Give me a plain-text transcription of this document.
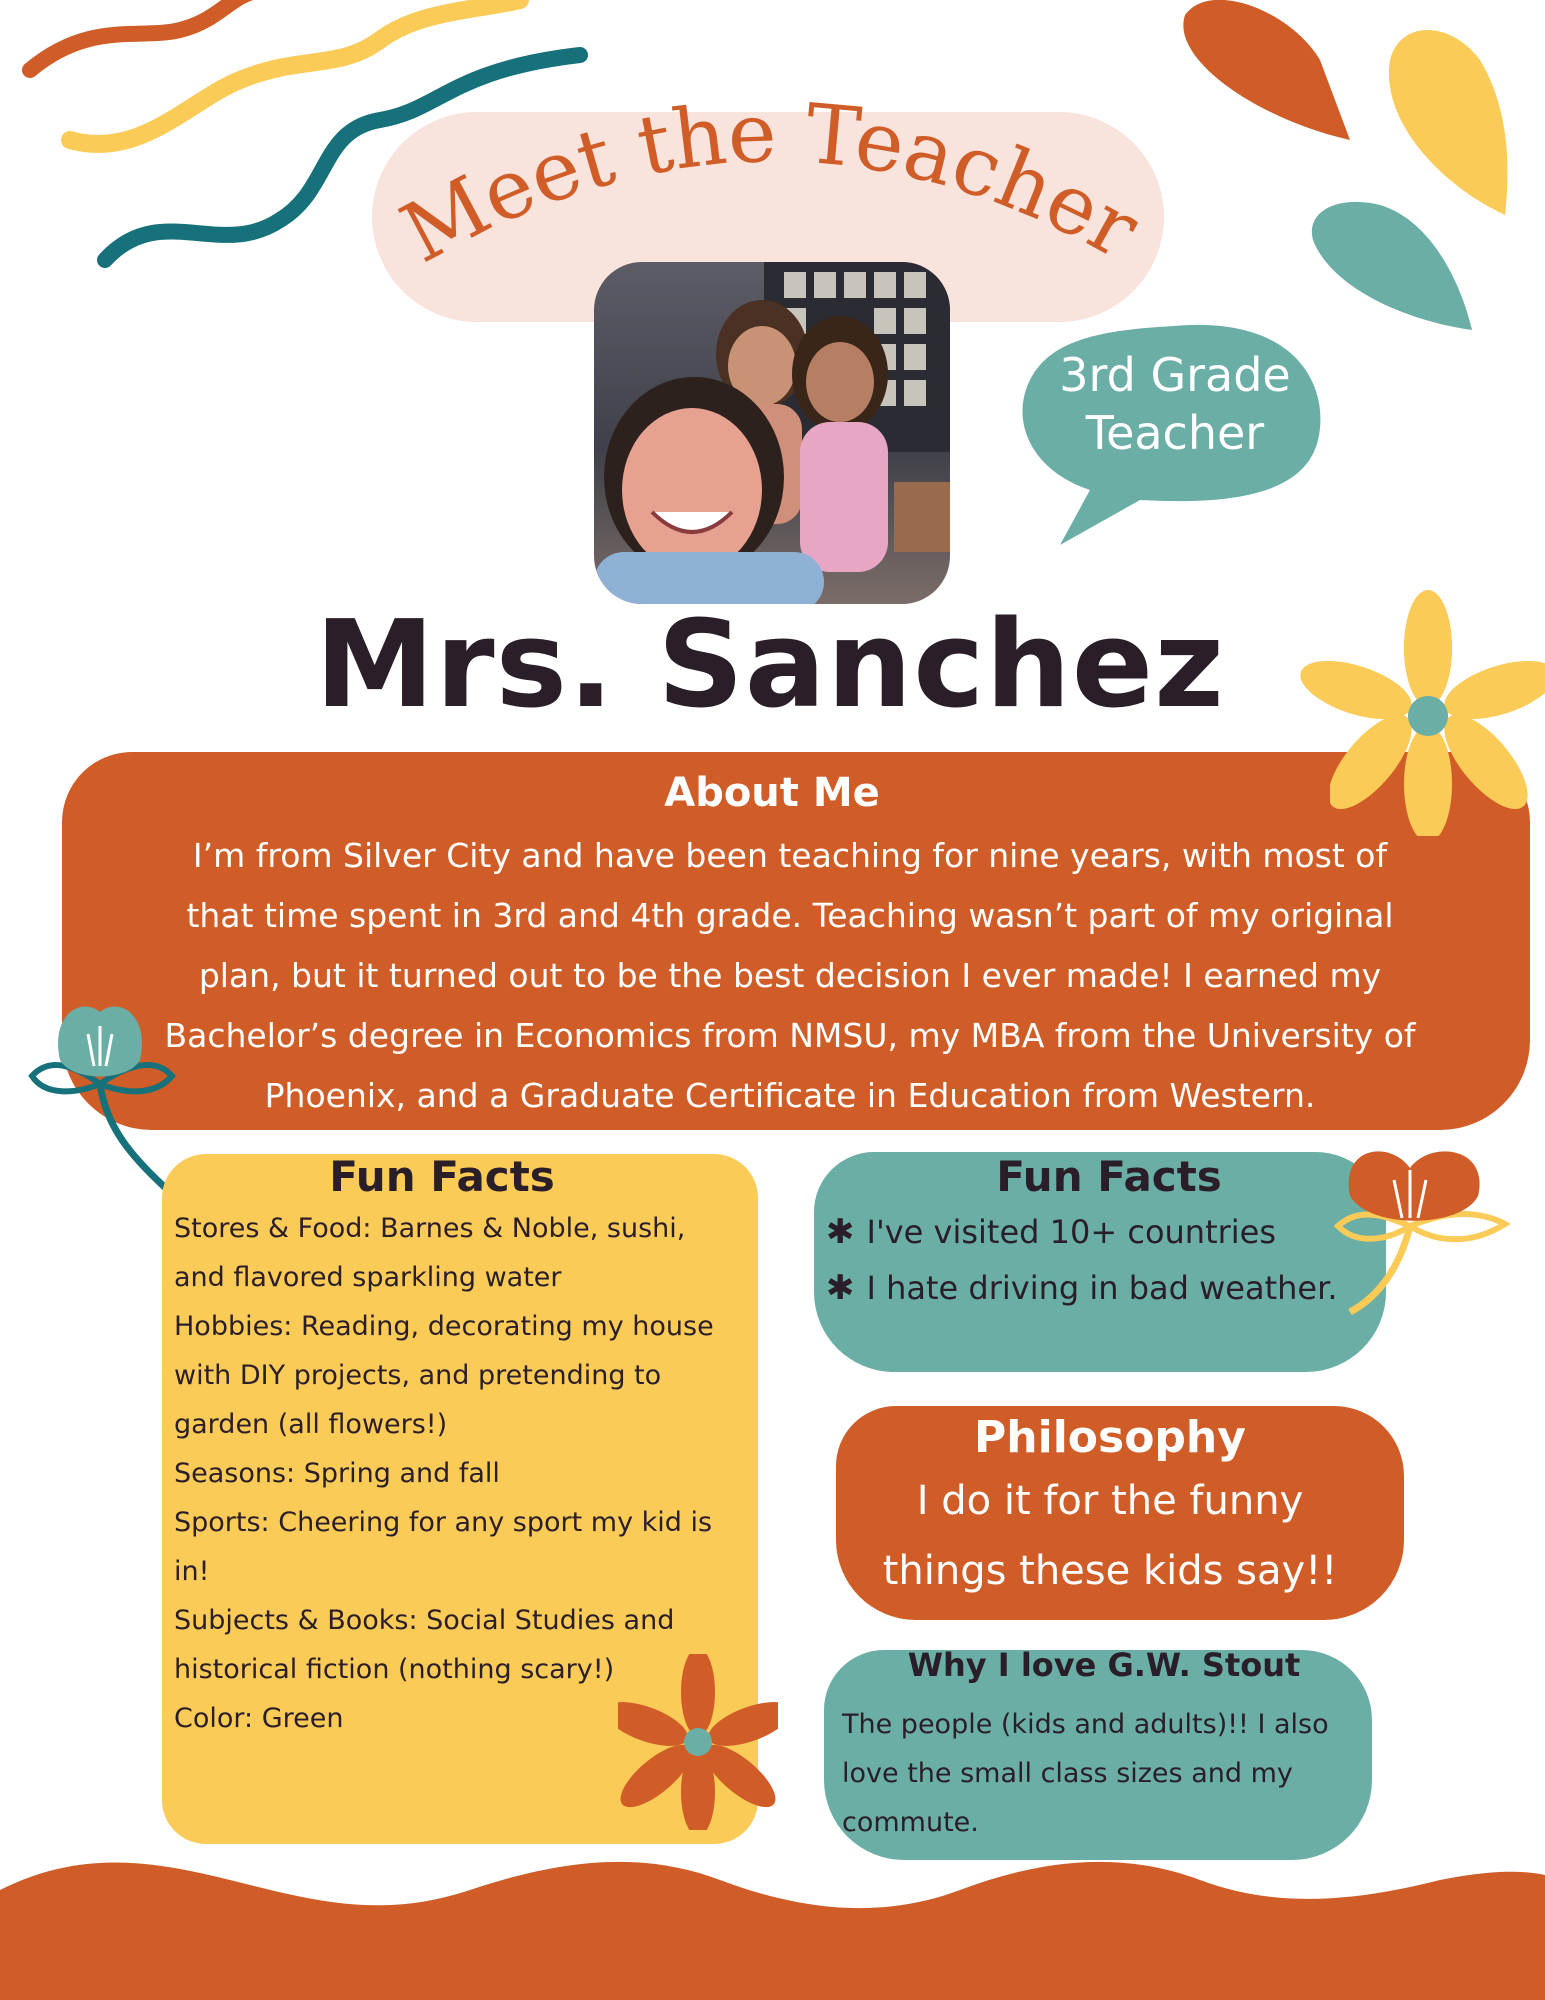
Meet the Teacher
3rd Grade
Teacher
Mrs. Sanchez
About Me
I’m from Silver City and have been teaching for nine years, with most of
that time spent in 3rd and 4th grade. Teaching wasn’t part of my original
plan, but it turned out to be the best decision I ever made! I earned my
Bachelor’s degree in Economics from NMSU, my MBA from the University of
Phoenix, and a Graduate Certificate in Education from Western.
Fun Facts
Stores & Food: Barnes & Noble, sushi,
and flavored sparkling water
Hobbies: Reading, decorating my house
with DIY projects, and pretending to
garden (all flowers!)
Seasons: Spring and fall
Sports: Cheering for any sport my kid is
in!
Subjects & Books: Social Studies and
historical fiction (nothing scary!)
Color: Green
Fun Facts
✱ I've visited 10+ countries
✱ I hate driving in bad weather.
Philosophy
I do it for the funny
things these kids say!!
Why I love G.W. Stout
The people (kids and adults)!! I also
love the small class sizes and my
commute.
